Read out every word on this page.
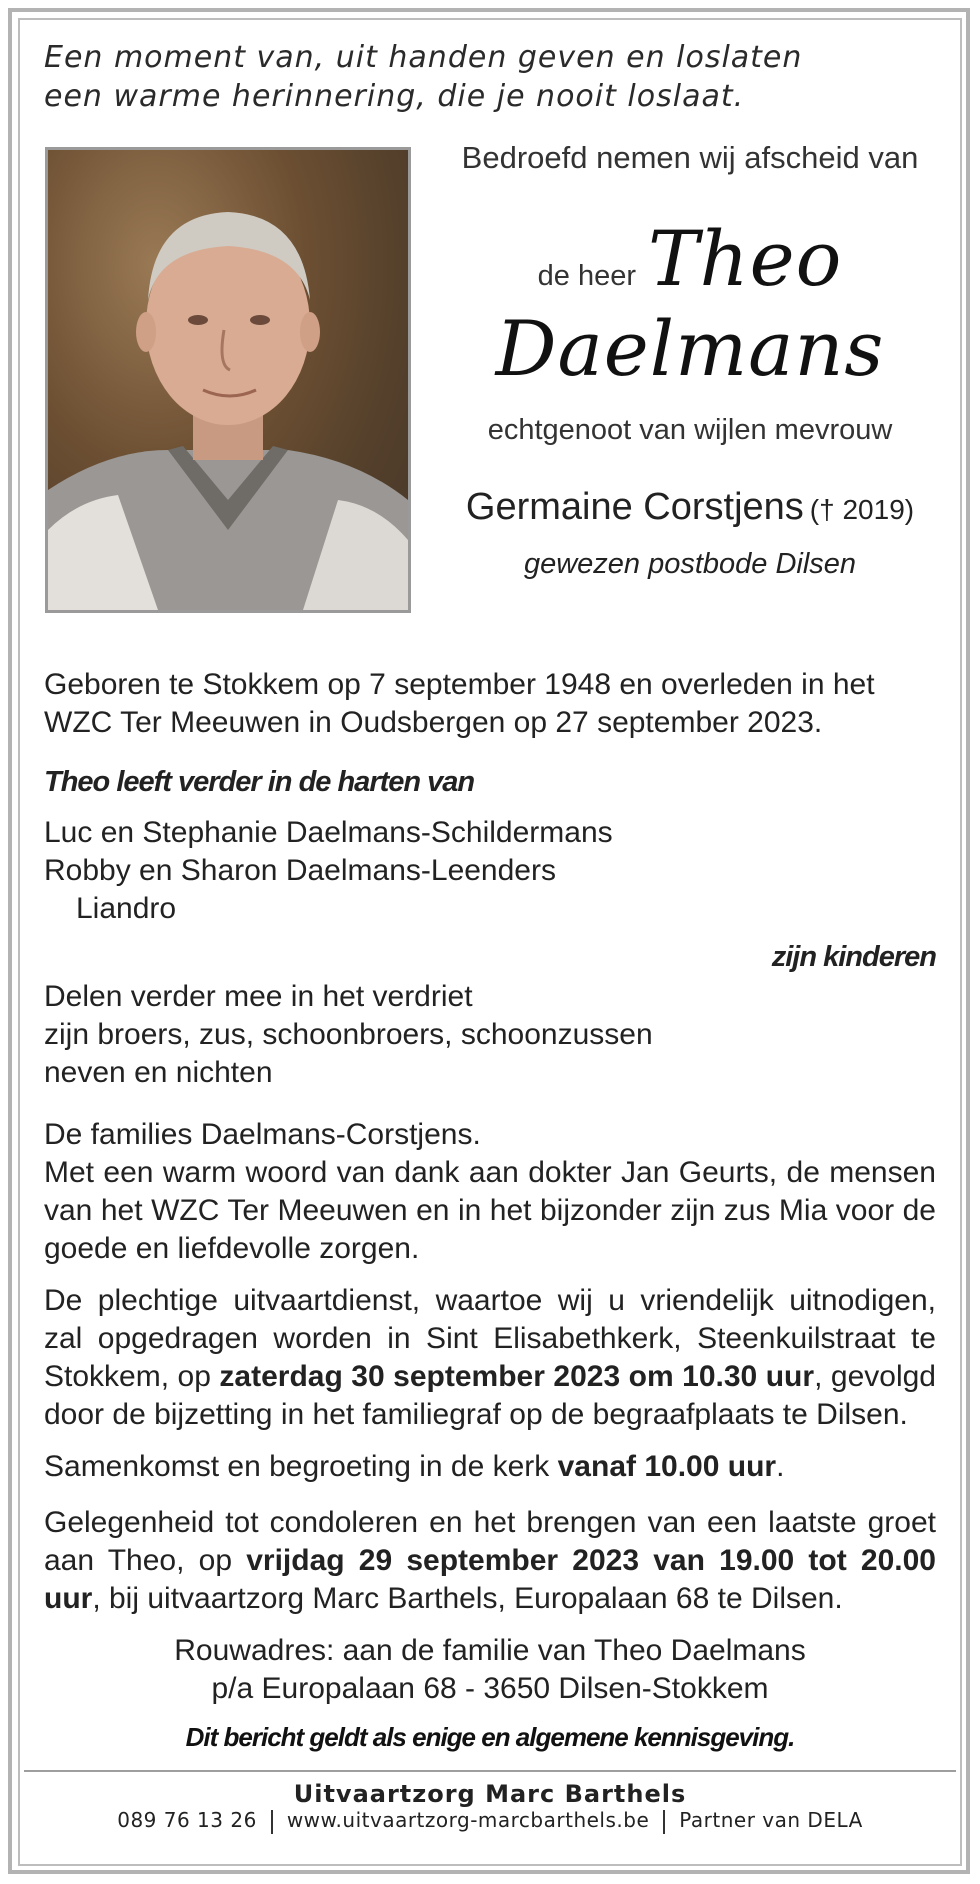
Een moment van, uit handen geven en loslaten
een warme herinnering, die je nooit loslaat.
Bedroefd nemen wij afscheid van
de heer Theo
Daelmans
echtgenoot van wijlen mevrouw
Germaine Corstjens († 2019)
gewezen postbode Dilsen
Geboren te Stokkem op 7 september 1948 en overleden in het
WZC Ter Meeuwen in Oudsbergen op 27 september 2023.
Theo leeft verder in de harten van
Luc en Stephanie Daelmans-Schildermans
Robby en Sharon Daelmans-Leenders
Liandro
zijn kinderen
Delen verder mee in het verdriet
zijn broers, zus, schoonbroers, schoonzussen
neven en nichten
De families Daelmans-Corstjens.
Met een warm woord van dank aan dokter Jan Geurts, de mensen
van het WZC Ter Meeuwen en in het bijzonder zijn zus Mia voor de
goede en liefdevolle zorgen.
De plechtige uitvaartdienst, waartoe wij u vriendelijk uitnodigen,
zal opgedragen worden in Sint Elisabethkerk, Steenkuilstraat te
Stokkem, op zaterdag 30 september 2023 om 10.30 uur, gevolgd
door de bijzetting in het familiegraf op de begraafplaats te Dilsen.
Samenkomst en begroeting in de kerk vanaf 10.00 uur.
Gelegenheid tot condoleren en het brengen van een laatste groet
aan Theo, op vrijdag 29 september 2023 van 19.00 tot 20.00
uur, bij uitvaartzorg Marc Barthels, Europalaan 68 te Dilsen.
Rouwadres: aan de familie van Theo Daelmans
p/a Europalaan 68 - 3650 Dilsen-Stokkem
Dit bericht geldt als enige en algemene kennisgeving.
Uitvaartzorg Marc Barthels
089 76 13 26 www.uitvaartzorg-marcbarthels.be Partner van DELA
